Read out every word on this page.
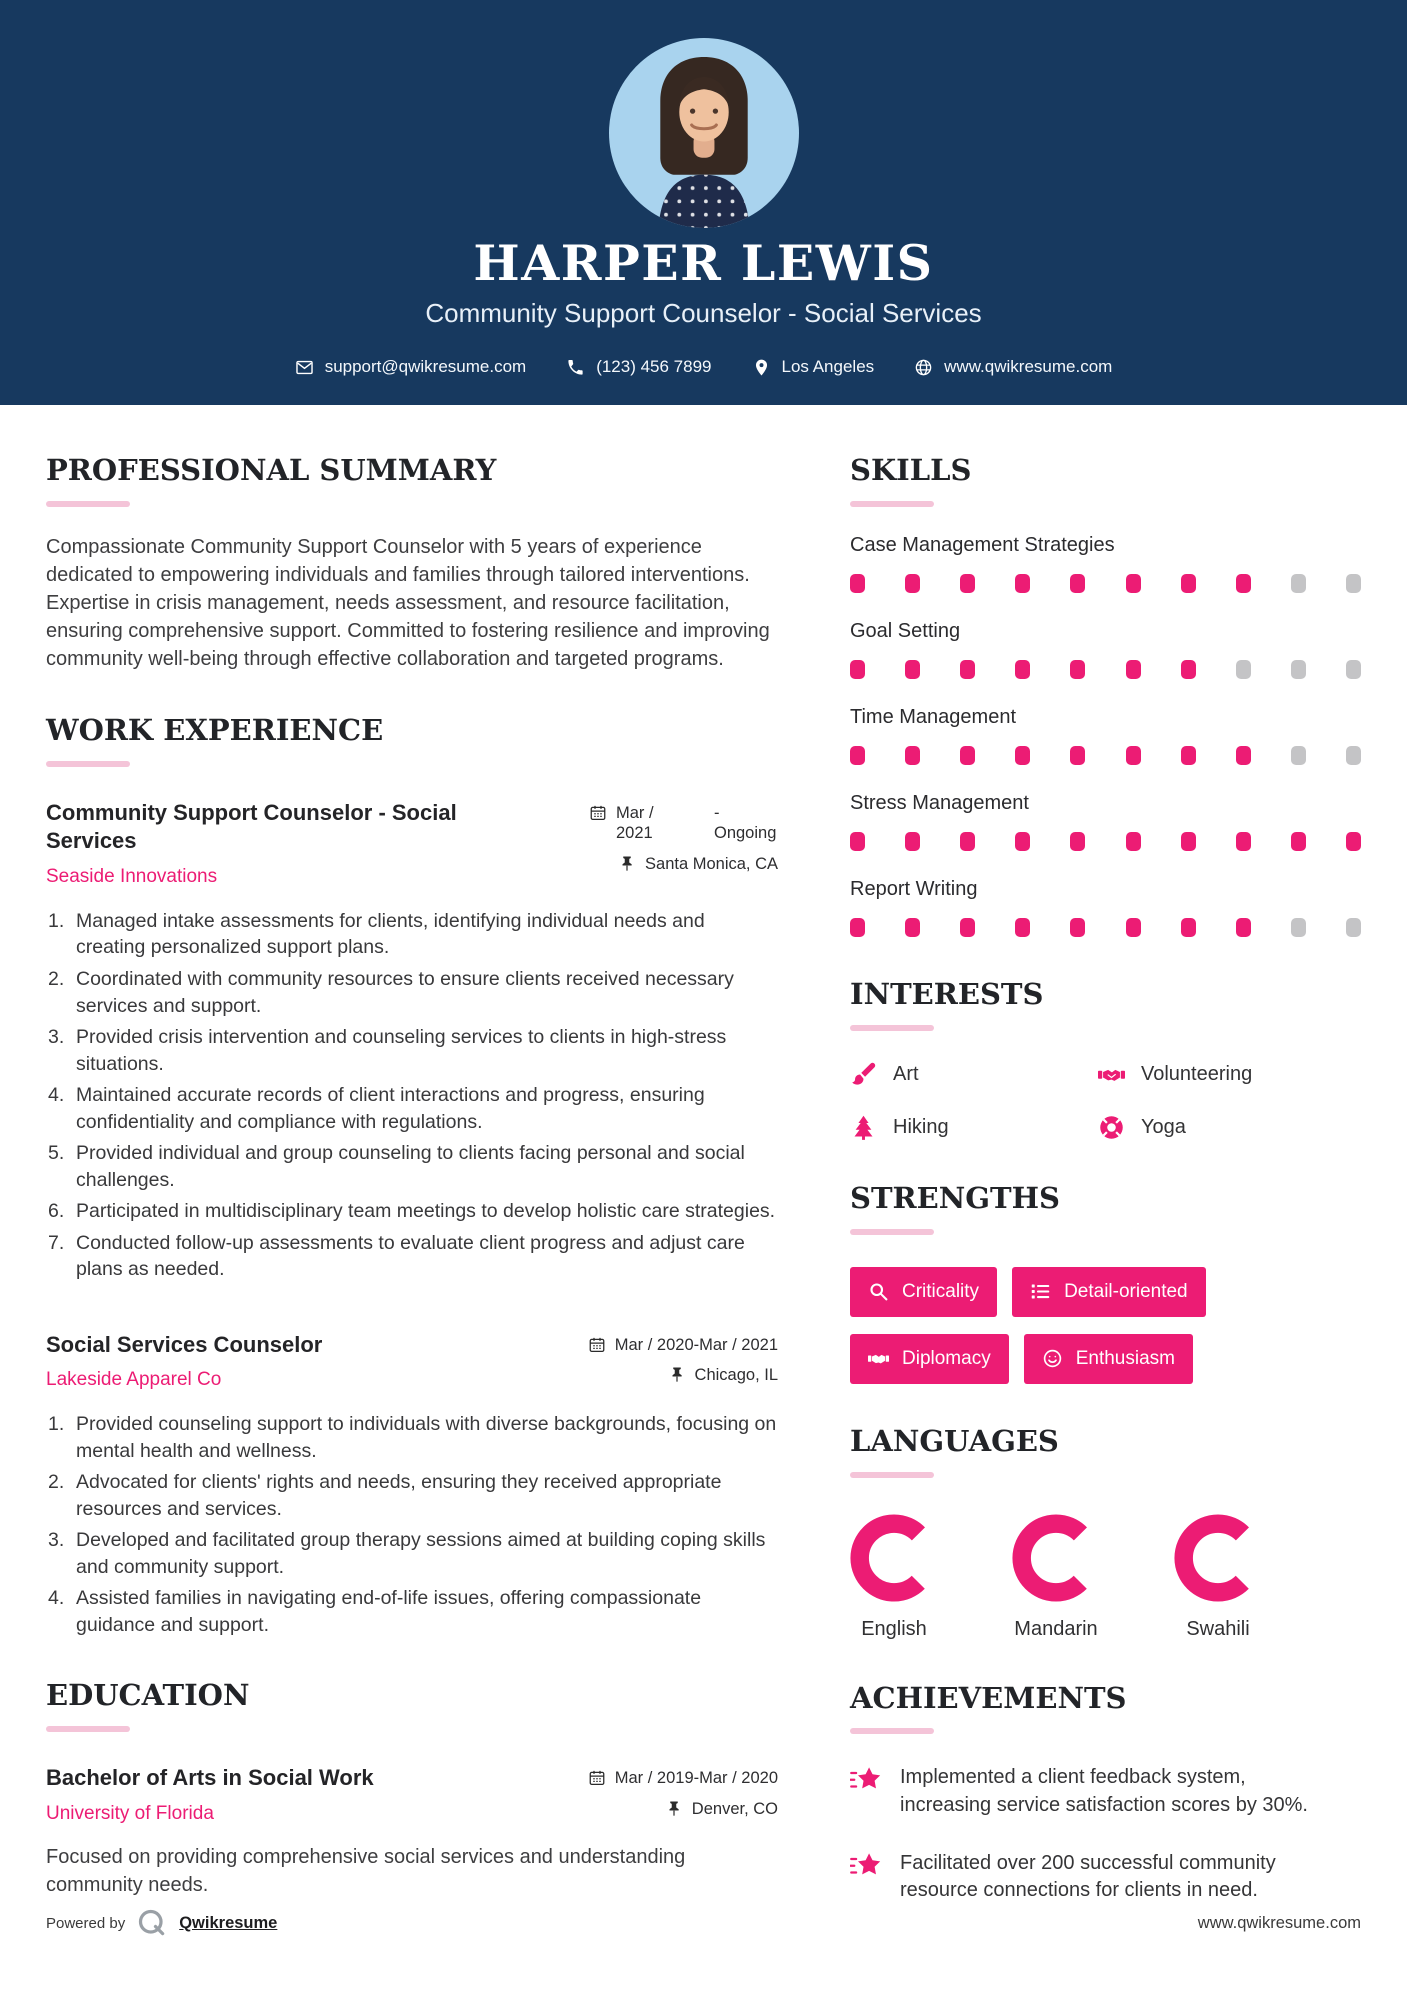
HARPER LEWIS
Community Support Counselor - Social Services
support@qwikresume.com	(123) 456 7899	Los Angeles	www.qwikresume.com
PROFESSIONAL SUMMARY

Compassionate Community Support Counselor with 5 years of experience dedicated to empowering individuals and families through tailored interventions. Expertise in crisis management, needs assessment, and resource facilitation, ensuring comprehensive support. Committed to fostering resilience and improving community well-being through effective collaboration and targeted programs.

WORK EXPERIENCE
Community Support Counselor - Social Services
Seaside Innovations
Mar / 2021
-Ongoing
Santa Monica, CA
Managed intake assessments for clients, identifying individual needs and creating personalized support plans.
Coordinated with community resources to ensure clients received necessary services and support.
Provided crisis intervention and counseling services to clients in high-stress situations.
Maintained accurate records of client interactions and progress, ensuring confidentiality and compliance with regulations.
Provided individual and group counseling to clients facing personal and social challenges.
Participated in multidisciplinary team meetings to develop holistic care strategies.
Conducted follow-up assessments to evaluate client progress and adjust care plans as needed.
Social Services Counselor
Lakeside Apparel Co
Mar / 2020-Mar / 2021
Chicago, IL
Provided counseling support to individuals with diverse backgrounds, focusing on mental health and wellness.
Advocated for clients' rights and needs, ensuring they received appropriate resources and services.
Developed and facilitated group therapy sessions aimed at building coping skills and community support.
Assisted families in navigating end-of-life issues, offering compassionate guidance and support.
EDUCATION
Bachelor of Arts in Social Work
University of Florida
Mar / 2019-Mar / 2020
Denver, CO

Focused on providing comprehensive social services and understanding community needs.

SKILLS
Case Management Strategies
Goal Setting
Time Management
Stress Management
Report Writing
INTERESTS
Art	Volunteering
Hiking	Yoga
STRENGTHS
Criticality	Detail-oriented
Diplomacy	Enthusiasm
LANGUAGES
English	Mandarin	Swahili
ACHIEVEMENTS
Implemented a client feedback system, increasing service satisfaction scores by 30%.
Facilitated over 200 successful community resource connections for clients in need.
Powered by	Qwikresume	www.qwikresume.com
